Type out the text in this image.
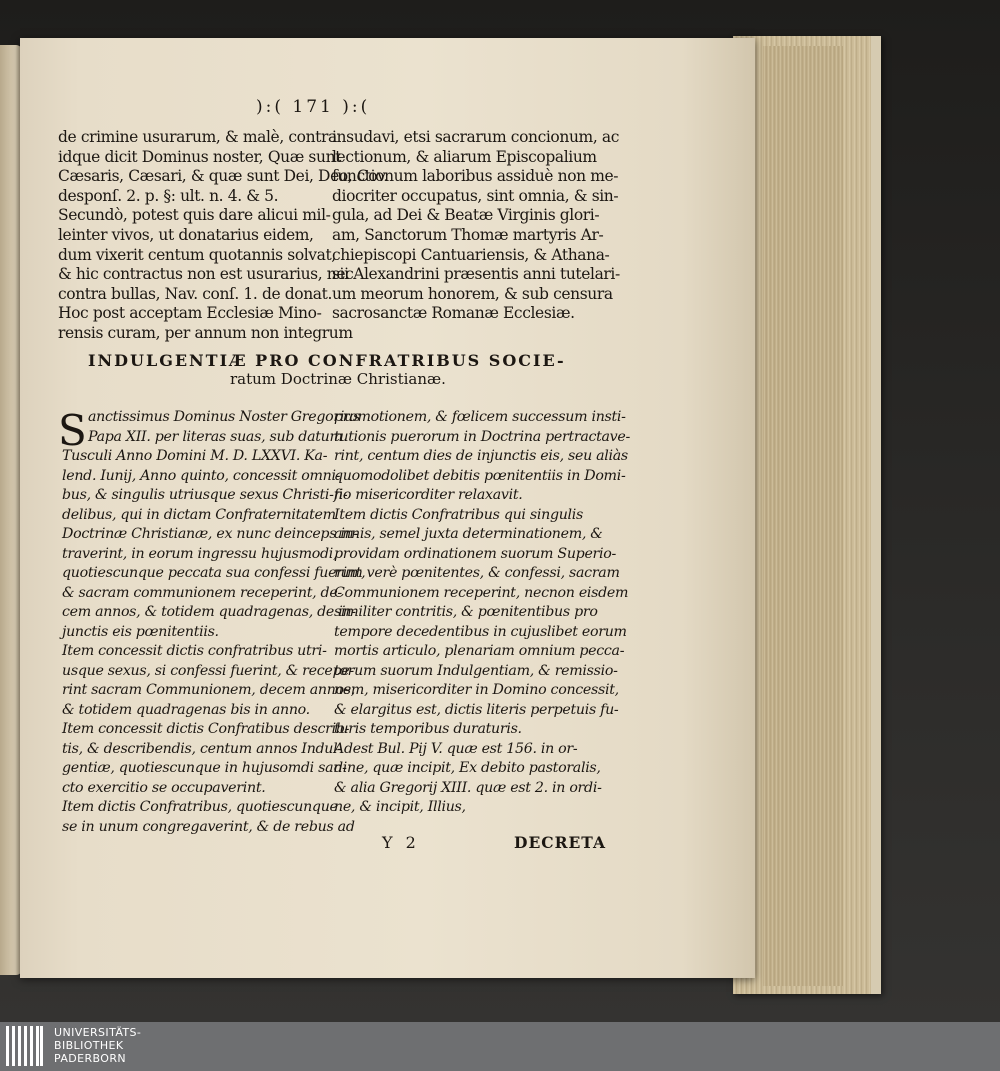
):( 171 ):(
de crimine usurarum, & malè, contra
idque dicit Dominus noster, Quæ sunt
Cæsaris, Cæsari, & quæ sunt Dei, Deo, Cov.
desponſ. 2. p. §: ult. n. 4. & 5.
Secundò, potest quis dare alicui mil-
leinter vivos, ut donatarius eidem,
dum vixerit centum quotannis solvat,
& hic contractus non est usurarius, nec
contra bullas, Nav. conſ. 1. de donat.
Hoc post acceptam Ecclesiæ Mino-
rensis curam, per annum non integrum
insudavi, etsi sacrarum concionum, ac
lectionum, & aliarum Episcopalium
functionum laboribus assiduè non me-
diocriter occupatus, sint omnia, & sin-
gula, ad Dei & Beatæ Virginis glori-
am, Sanctorum Thomæ martyris Ar-
chiepiscopi Cantuariensis, & Athana-
sii Alexandrini præsentis anni tutelari-
um meorum honorem, & sub censura
sacrosanctæ Romanæ Ecclesiæ.
INDULGENTIÆ PRO CONFRATRIBUS SOCIE-
ratum Doctrinæ Christianæ.
S anctissimus Dominus Noster Gregorius
Papa XII. per literas suas, sub datum
Tusculi Anno Domini M. D. LXXVI. Ka-
lend. Iunij, Anno quinto, concessit omni-
bus, & singulis utriusque sexus Christi-fi-
delibus, qui in dictam Confraternitatem
Doctrinæ Christianæ, ex nunc deinceps in-
traverint, in eorum ingressu hujusmodi,
quotiescunque peccata sua confessi fuerint,
& sacram communionem receperint, de-
cem annos, & totidem quadragenas, de in-
junctis eis pœnitentiis.
Item concessit dictis confratribus utri-
usque sexus, si confessi fuerint, & recepe-
rint sacram Communionem, decem annos,
& totidem quadragenas bis in anno.
Item concessit dictis Confratibus describ-
tis, & describendis, centum annos Indul-
gentiæ, quotiescunque in hujusomdi san-
cto exercitio se occupaverint.
Item dictis Confratribus, quotiescunque
se in unum congregaverint, & de rebus ad
promotionem, & fœlicem successum insti-
tutionis puerorum in Doctrina pertractave-
rint, centum dies de injunctis eis, seu aliàs
quomodolibet debitis pœnitentiis in Domi-
no misericorditer relaxavit.
Item dictis Confratribus qui singulis
annis, semel juxta determinationem, &
providam ordinationem suorum Superio-
rum verè pœnitentes, & confessi, sacram
Communionem receperint, necnon eisdem
similiter contritis, & pœnitentibus pro
tempore decedentibus in cujuslibet eorum
mortis articulo, plenariam omnium pecca-
torum suorum Indulgentiam, & remissio-
nem, misericorditer in Domino concessit,
& elargitus est, dictis literis perpetuis fu-
turis temporibus duraturis.
Adest Bul. Pij V. quæ est 156. in or-
dine, quæ incipit, Ex debito pastoralis,
& alia Gregorij XIII. quæ est 2. in ordi-
ne, & incipit, Illius,
Y 2	DECRETA
UNIVERSITÄTS-
BIBLIOTHEK
PADERBORN
